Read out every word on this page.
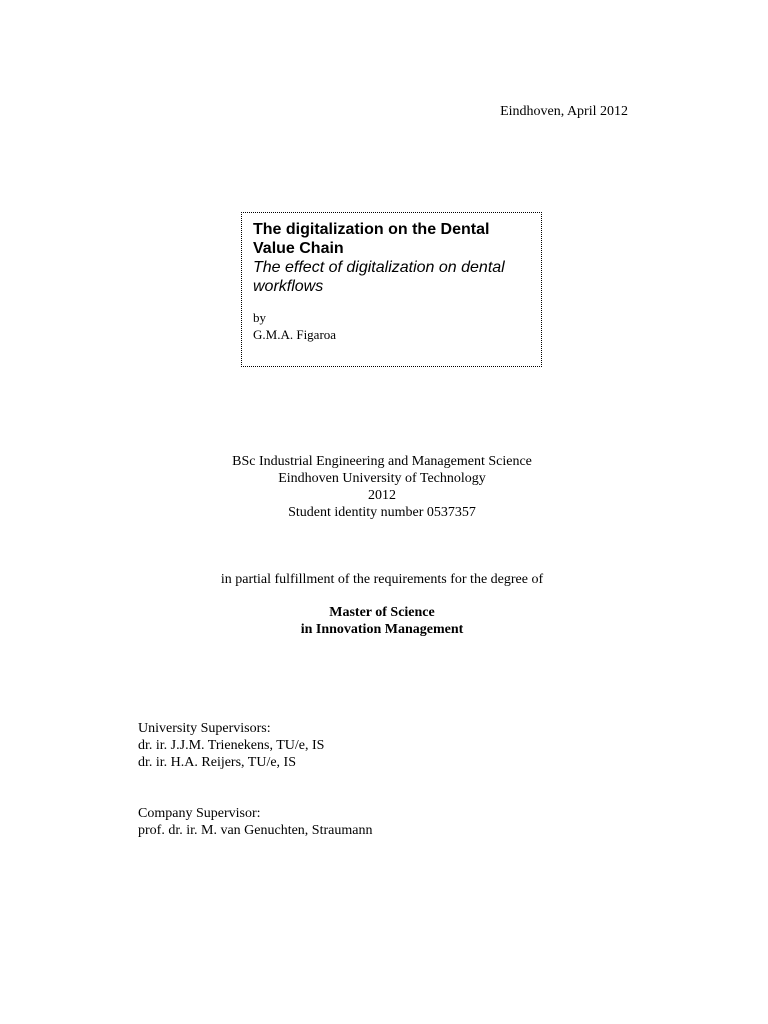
Eindhoven, April 2012
The digitalization on the Dental
Value Chain
The effect of digitalization on dental
workflows
by
G.M.A. Figaroa
BSc Industrial Engineering and Management Science
Eindhoven University of Technology
2012
Student identity number 0537357
in partial fulfillment of the requirements for the degree of
Master of Science
in Innovation Management
University Supervisors:
dr. ir. J.J.M. Trienekens, TU/e, IS
dr. ir. H.A. Reijers, TU/e, IS
Company Supervisor:
prof. dr. ir. M. van Genuchten, Straumann
